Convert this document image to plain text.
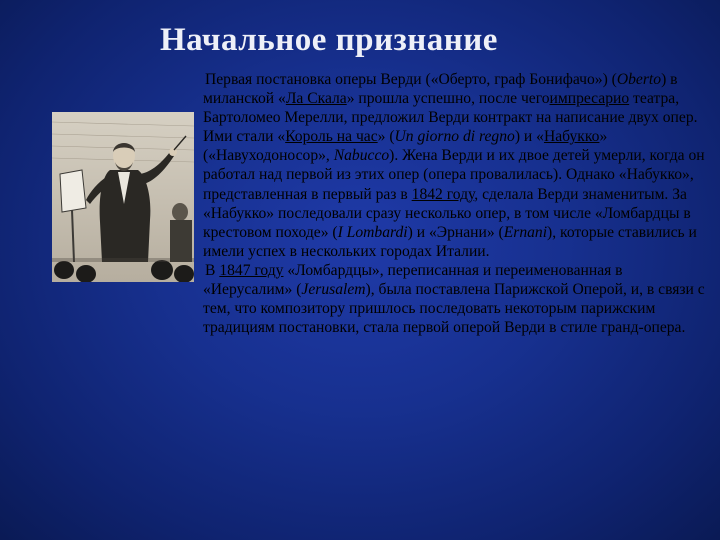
Начальное признание

Первая постановка оперы Верди («Оберто, граф Бонифачо») (Oberto) в миланской «Ла Скала» прошла успешно, после чегоимпресарио театра, Бартоломео Мерелли, предложил Верди контракт на написание двух опер. Ими стали «Король на час» (Un giorno di regno) и «Набукко» («Навуходоносор», Nabucco). Жена Верди и их двое детей умерли, когда он работал над первой из этих опер (опера провалилась). Однако «Набукко», представленная в первый раз в 1842 году, сделала Верди знаменитым. За «Набукко» последовали сразу несколько опер, в том числе «Ломбардцы в крестовом походе» (I Lombardi) и «Эрнани» (Ernani), которые ставились и имели успех в нескольких городах Италии.

В 1847 году «Ломбардцы», переписанная и переименованная в «Иерусалим» (Jerusalem), была поставлена Парижской Оперой, и, в связи с тем, что композитору пришлось последовать некоторым парижским традициям постановки, стала первой оперой Верди в стиле гранд-опера.
